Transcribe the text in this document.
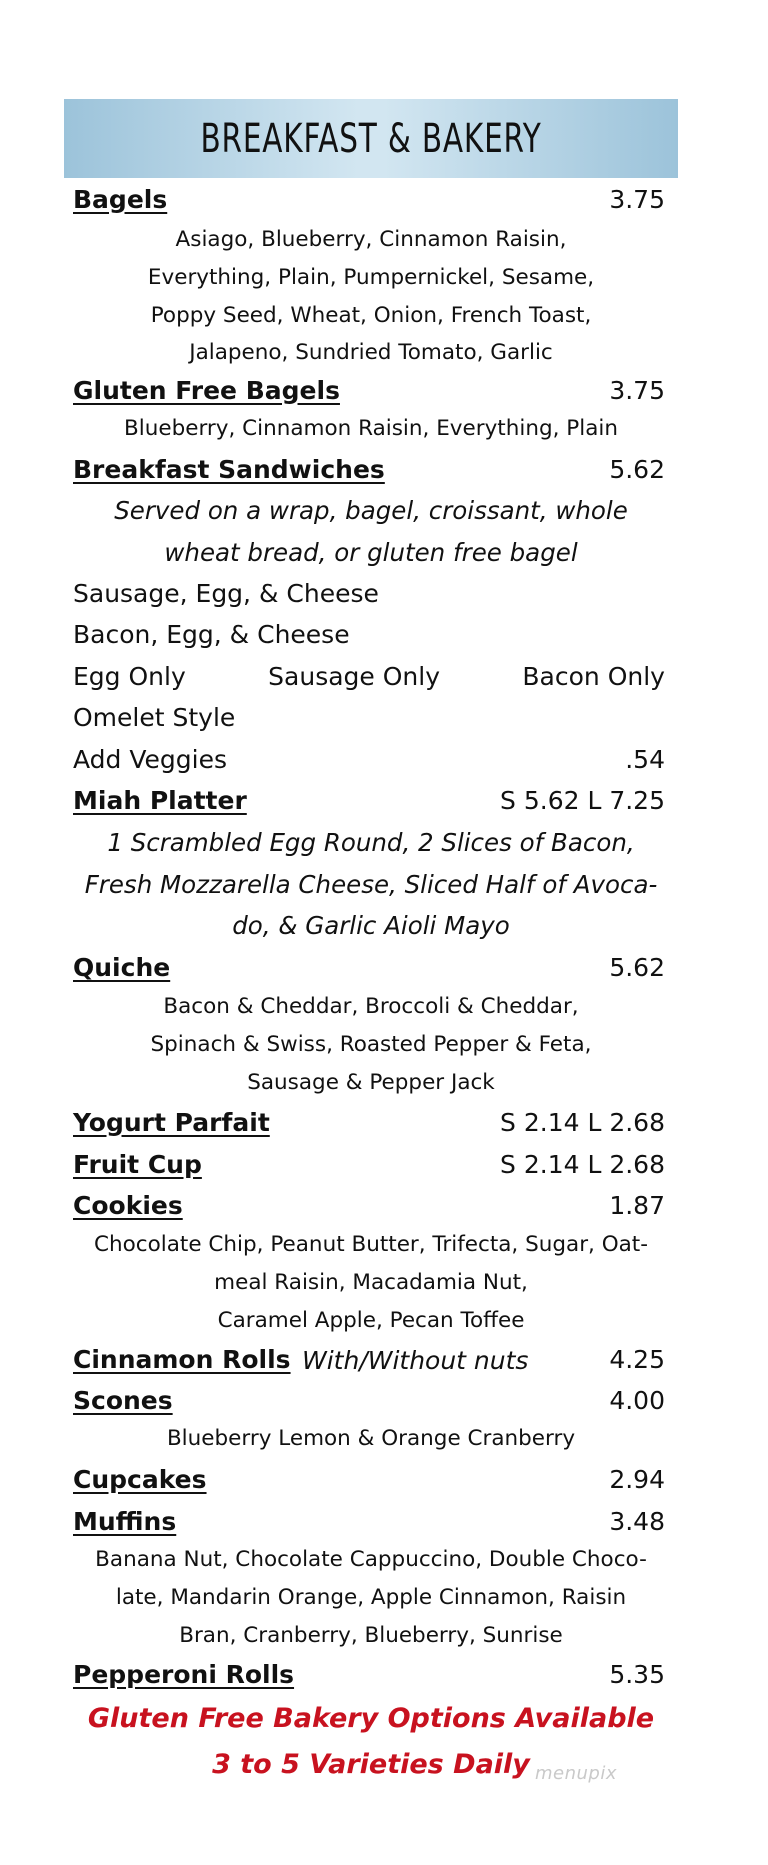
BREAKFAST & BAKERY
Bagels	3.75
Asiago, Blueberry, Cinnamon Raisin,
Everything, Plain, Pumpernickel, Sesame,
Poppy Seed, Wheat, Onion, French Toast,
Jalapeno, Sundried Tomato, Garlic
Gluten Free Bagels	3.75
Blueberry, Cinnamon Raisin, Everything, Plain
Breakfast Sandwiches	5.62
Served on a wrap, bagel, croissant, whole
wheat bread, or gluten free bagel
Sausage, Egg, & Cheese
Bacon, Egg, & Cheese
Egg Only	Sausage Only	Bacon Only
Omelet Style
Add Veggies	.54
Miah Platter	S 5.62 L 7.25
1 Scrambled Egg Round, 2 Slices of Bacon,
Fresh Mozzarella Cheese, Sliced Half of Avoca-
do, & Garlic Aioli Mayo
Quiche	5.62
Bacon & Cheddar, Broccoli & Cheddar,
Spinach & Swiss, Roasted Pepper & Feta,
Sausage & Pepper Jack
Yogurt Parfait	S 2.14 L 2.68
Fruit Cup	S 2.14 L 2.68
Cookies	1.87
Chocolate Chip, Peanut Butter, Trifecta, Sugar, Oat-
meal Raisin, Macadamia Nut,
Caramel Apple, Pecan Toffee
Cinnamon Rolls	4.25
With/Without nuts
Scones	4.00
Blueberry Lemon & Orange Cranberry
Cupcakes	2.94
Muffins	3.48
Banana Nut, Chocolate Cappuccino, Double Choco-
late, Mandarin Orange, Apple Cinnamon, Raisin
Bran, Cranberry, Blueberry, Sunrise
Pepperoni Rolls	5.35
Gluten Free Bakery Options Available
3 to 5 Varieties Daily menupix
